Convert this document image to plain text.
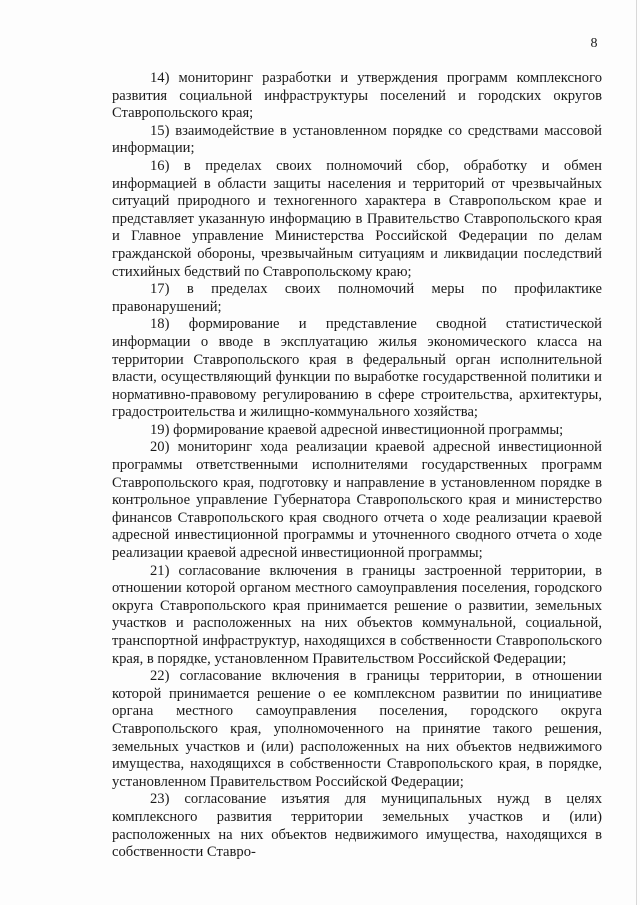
8

14) мониторинг разработки и утверждения программ комплексного развития социальной инфраструктуры поселений и городских округов Ставропольского края;

15) взаимодействие в установленном порядке со средствами массовой информации;

16) в пределах своих полномочий сбор, обработку и обмен информацией в области защиты населения и территорий от чрезвычайных ситуаций природного и техногенного характера в Ставропольском крае и представляет указанную информацию в Правительство Ставропольского края и Главное управление Министерства Российской Федерации по делам гражданской обороны, чрезвычайным ситуациям и ликвидации последствий стихийных бедствий по Ставропольскому краю;

17) в пределах своих полномочий меры по профилактике правонарушений;

18) формирование и представление сводной статистической информации о вводе в эксплуатацию жилья экономического класса на территории Ставропольского края в федеральный орган исполнительной власти, осуществляющий функции по выработке государственной политики и нормативно-правовому регулированию в сфере строительства, архитектуры, градостроительства и жилищно-коммунального хозяйства;

19) формирование краевой адресной инвестиционной программы;

20) мониторинг хода реализации краевой адресной инвестиционной программы ответственными исполнителями государственных программ Ставропольского края, подготовку и направление в установленном порядке в контрольное управление Губернатора Ставропольского края и министерство финансов Ставропольского края сводного отчета о ходе реализации краевой адресной инвестиционной программы и уточненного сводного отчета о ходе реализации краевой адресной инвестиционной программы;

21) согласование включения в границы застроенной территории, в отношении которой органом местного самоуправления поселения, городского округа Ставропольского края принимается решение о развитии, земельных участков и расположенных на них объектов коммунальной, социальной, транспортной инфраструктур, находящихся в собственности Ставропольского края, в порядке, установленном Правительством Российской Федерации;

22) согласование включения в границы территории, в отношении которой принимается решение о ее комплексном развитии по инициативе органа местного самоуправления поселения, городского округа Ставропольского края, уполномоченного на принятие такого решения, земельных участков и (или) расположенных на них объектов недвижимого имущества, находящихся в собственности Ставропольского края, в порядке, установленном Правительством Российской Федерации;

23) согласование изъятия для муниципальных нужд в целях комплексного развития территории земельных участков и (или) расположенных на них объектов недвижимого имущества, находящихся в собственности Ставро-
